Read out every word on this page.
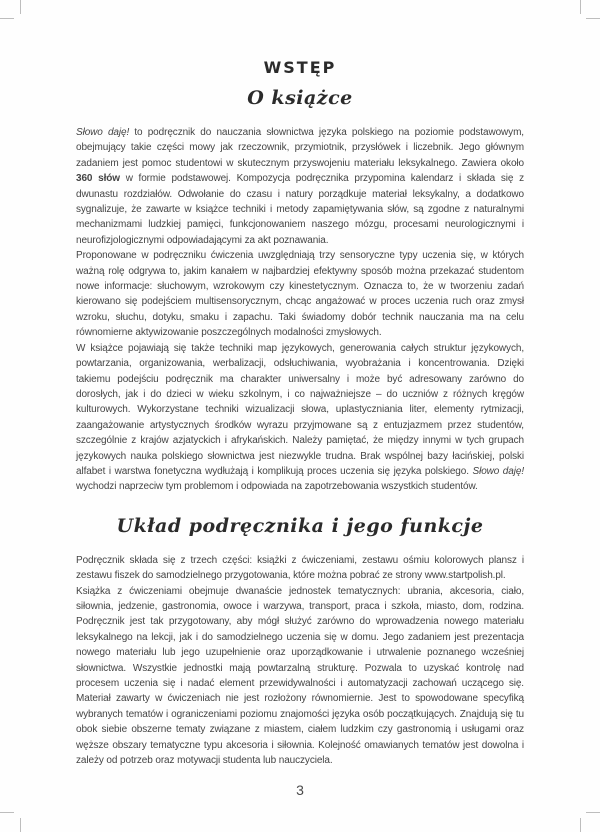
WSTĘP
O książce

Słowo daję! to podręcznik do nauczania słownictwa języka polskiego na poziomie podstawowym, obejmujący takie części mowy jak rzeczownik, przymiotnik, przysłówek i liczebnik. Jego głównym zadaniem jest pomoc studentowi w skutecznym przyswojeniu materiału leksykalnego. Zawiera około 360 słów w formie podstawowej. Kompozycja podręcznika przypomina kalendarz i składa się z dwunastu rozdziałów. Odwołanie do czasu i natury porządkuje materiał leksykalny, a dodatkowo sygnalizuje, że zawarte w książce techniki i metody zapamiętywania słów, są zgodne z naturalnymi mechanizmami ludzkiej pamięci, funkcjonowaniem naszego mózgu, procesami neurologicznymi i neurofizjologicznymi odpowiadającymi za akt poznawania.

Proponowane w podręczniku ćwiczenia uwzględniają trzy sensoryczne typy uczenia się, w których ważną rolę odgrywa to, jakim kanałem w najbardziej efektywny sposób można przekazać studentom nowe informacje: słuchowym, wzrokowym czy kinestetycznym. Oznacza to, że w tworzeniu zadań kierowano się podejściem multisensorycznym, chcąc angażować w proces uczenia ruch oraz zmysł wzroku, słuchu, dotyku, smaku i zapachu. Taki świadomy dobór technik nauczania ma na celu równomierne aktywizowanie poszczególnych modalności zmysłowych.

W książce pojawiają się także techniki map językowych, generowania całych struktur językowych, powtarzania, organizowania, werbalizacji, odsłuchiwania, wyobrażania i koncentrowania. Dzięki takiemu podejściu podręcznik ma charakter uniwersalny i może być adresowany zarówno do dorosłych, jak i do dzieci w wieku szkolnym, i co najważniejsze – do uczniów z różnych kręgów kulturowych. Wykorzystane techniki wizualizacji słowa, uplastyczniania liter, elementy rytmizacji, zaangażowanie artystycznych środków wyrazu przyjmowane są z entuzjazmem przez studentów, szczególnie z krajów azjatyckich i afrykańskich. Należy pamiętać, że między innymi w tych grupach językowych nauka polskiego słownictwa jest niezwykle trudna. Brak wspólnej bazy łacińskiej, polski alfabet i warstwa fonetyczna wydłużają i komplikują proces uczenia się języka polskiego. Słowo daję! wychodzi naprzeciw tym problemom i odpowiada na zapotrzebowania wszystkich studentów.

Układ podręcznika i jego funkcje

Podręcznik składa się z trzech części: książki z ćwiczeniami, zestawu ośmiu kolorowych plansz i zestawu fiszek do samodzielnego przygotowania, które można pobrać ze strony www.startpolish.pl.

Książka z ćwiczeniami obejmuje dwanaście jednostek tematycznych: ubrania, akcesoria, ciało, siłownia, jedzenie, gastronomia, owoce i warzywa, transport, praca i szkoła, miasto, dom, rodzina. Podręcznik jest tak przygotowany, aby mógł służyć zarówno do wprowadzenia nowego materiału leksykalnego na lekcji, jak i do samodzielnego uczenia się w domu. Jego zadaniem jest prezentacja nowego materiału lub jego uzupełnienie oraz uporządkowanie i utrwalenie poznanego wcześniej słownictwa. Wszystkie jednostki mają powtarzalną strukturę. Pozwala to uzyskać kontrolę nad procesem uczenia się i nadać element przewidywalności i automatyzacji zachowań uczącego się. Materiał zawarty w ćwiczeniach nie jest rozłożony równomiernie. Jest to spowodowane specyfiką wybranych tematów i ograniczeniami poziomu znajomości języka osób początkujących. Znajdują się tu obok siebie obszerne tematy związane z miastem, ciałem ludzkim czy gastronomią i usługami oraz węższe obszary tematyczne typu akcesoria i siłownia. Kolejność omawianych tematów jest dowolna i zależy od potrzeb oraz motywacji studenta lub nauczyciela.

3
